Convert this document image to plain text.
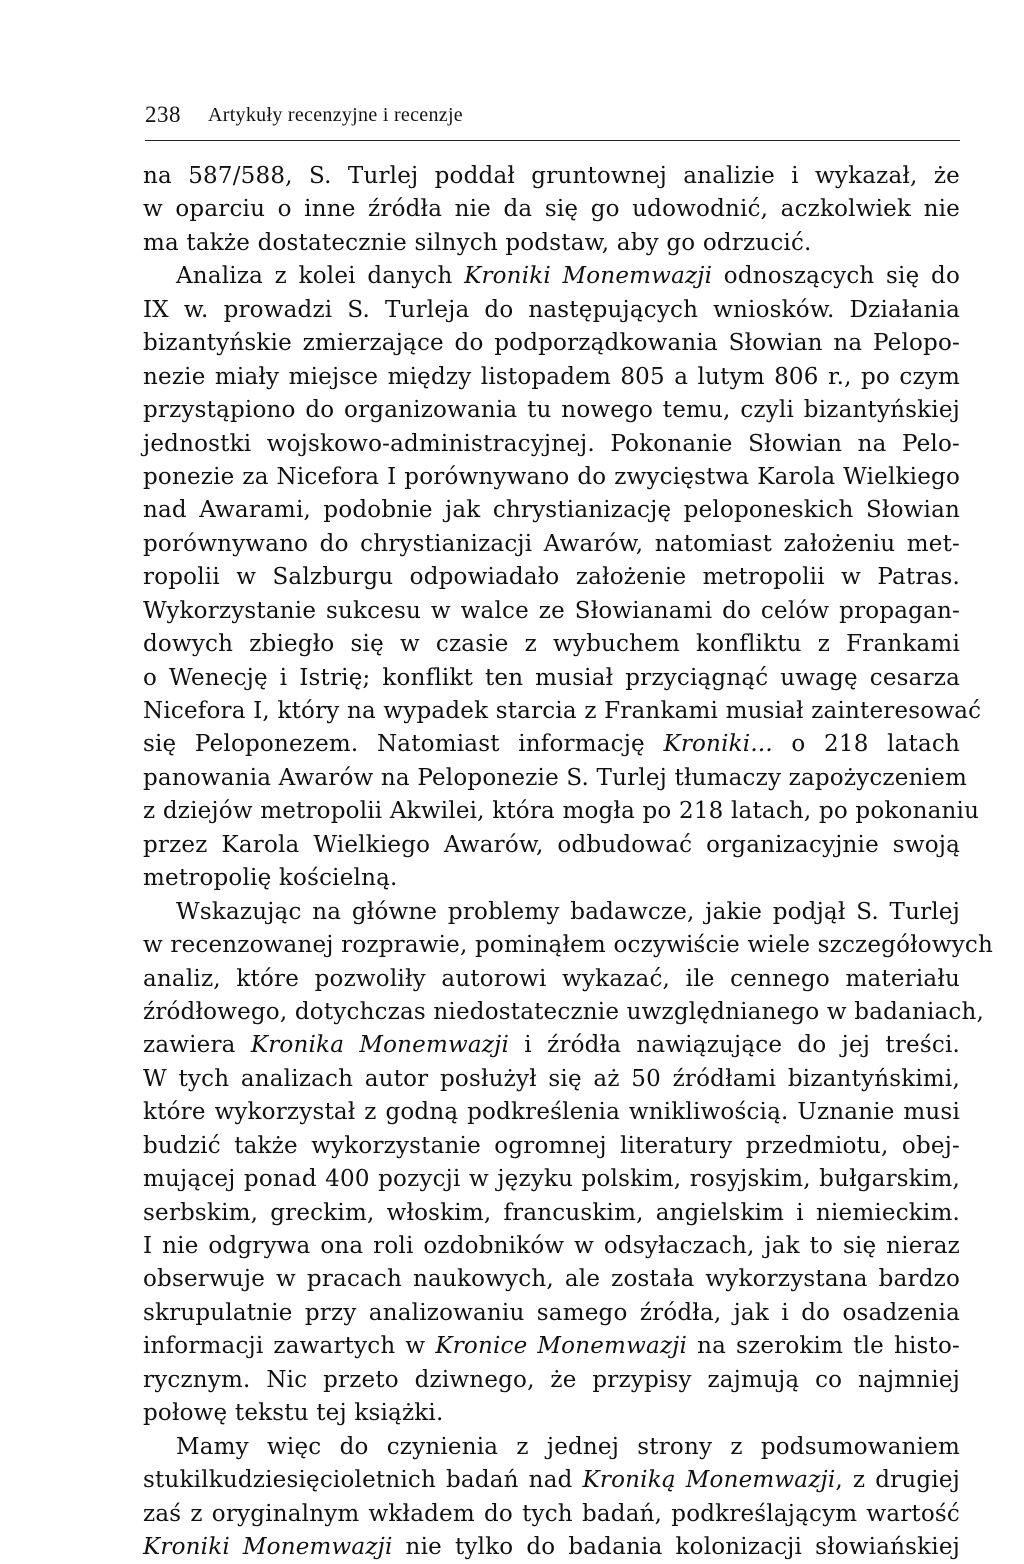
238 Artykuły recenzyjne i recenzje
na 587/588, S. Turlej poddał gruntownej analizie i wykazał, że
w oparciu o inne źródła nie da się go udowodnić, aczkolwiek nie
ma także dostatecznie silnych podstaw, aby go odrzucić.
Analiza z kolei danych Kroniki Monemwazji odnoszących się do
IX w. prowadzi S. Turleja do następujących wniosków. Działania
bizantyńskie zmierzające do podporządkowania Słowian na Pelopo-
nezie miały miejsce między listopadem 805 a lutym 806 r., po czym
przystąpiono do organizowania tu nowego temu, czyli bizantyńskiej
jednostki wojskowo-administracyjnej. Pokonanie Słowian na Pelo-
ponezie za Nicefora I porównywano do zwycięstwa Karola Wielkiego
nad Awarami, podobnie jak chrystianizację peloponeskich Słowian
porównywano do chrystianizacji Awarów, natomiast założeniu met-
ropolii w Salzburgu odpowiadało założenie metropolii w Patras.
Wykorzystanie sukcesu w walce ze Słowianami do celów propagan-
dowych zbiegło się w czasie z wybuchem konfliktu z Frankami
o Wenecję i Istrię; konflikt ten musiał przyciągnąć uwagę cesarza
Nicefora I, który na wypadek starcia z Frankami musiał zainteresować
się Peloponezem. Natomiast informację Kroniki... o 218 latach
panowania Awarów na Peloponezie S. Turlej tłumaczy zapożyczeniem
z dziejów metropolii Akwilei, która mogła po 218 latach, po pokonaniu
przez Karola Wielkiego Awarów, odbudować organizacyjnie swoją
metropolię kościelną.
Wskazując na główne problemy badawcze, jakie podjął S. Turlej
w recenzowanej rozprawie, pominąłem oczywiście wiele szczegółowych
analiz, które pozwoliły autorowi wykazać, ile cennego materiału
źródłowego, dotychczas niedostatecznie uwzględnianego w badaniach,
zawiera Kronika Monemwazji i źródła nawiązujące do jej treści.
W tych analizach autor posłużył się aż 50 źródłami bizantyńskimi,
które wykorzystał z godną podkreślenia wnikliwością. Uznanie musi
budzić także wykorzystanie ogromnej literatury przedmiotu, obej-
mującej ponad 400 pozycji w języku polskim, rosyjskim, bułgarskim,
serbskim, greckim, włoskim, francuskim, angielskim i niemieckim.
I nie odgrywa ona roli ozdobników w odsyłaczach, jak to się nieraz
obserwuje w pracach naukowych, ale została wykorzystana bardzo
skrupulatnie przy analizowaniu samego źródła, jak i do osadzenia
informacji zawartych w Kronice Monemwazji na szerokim tle histo-
rycznym. Nic przeto dziwnego, że przypisy zajmują co najmniej
połowę tekstu tej książki.
Mamy więc do czynienia z jednej strony z podsumowaniem
stukilkudziesięcioletnich badań nad Kroniką Monemwazji, z drugiej
zaś z oryginalnym wkładem do tych badań, podkreślającym wartość
Kroniki Monemwazji nie tylko do badania kolonizacji słowiańskiej
